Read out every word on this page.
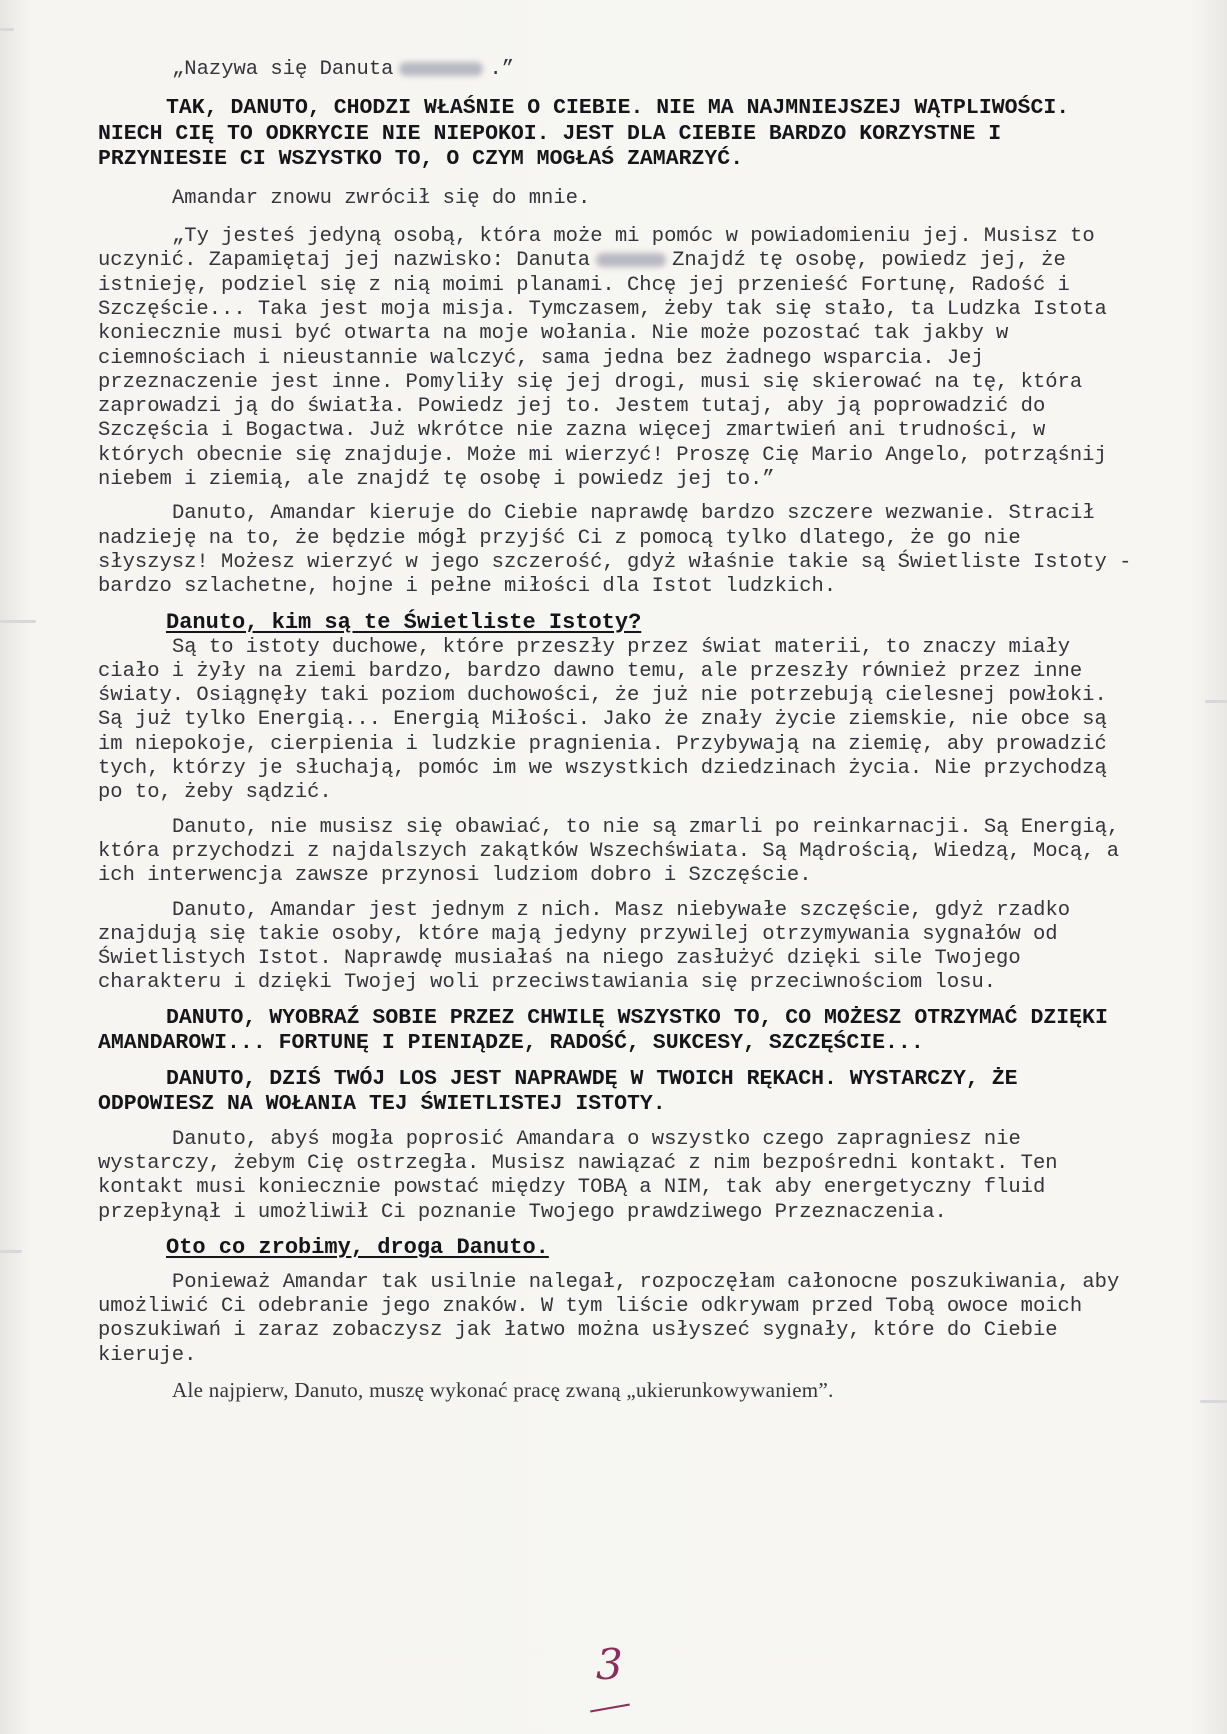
„Nazywa się Danuta	.”

TAK, DANUTO, CHODZI WŁAŚNIE O CIEBIE. NIE MA NAJMNIEJSZEJ WĄTPLIWOŚCI. NIECH CIĘ TO ODKRYCIE NIE NIEPOKOI. JEST DLA CIEBIE BARDZO KORZYSTNE I PRZYNIESIE CI WSZYSTKO TO, O CZYM MOGŁAŚ ZAMARZYĆ.

Amandar znowu zwrócił się do mnie.

„Ty jesteś jedyną osobą, która może mi pomóc w powiadomieniu jej. Musisz to uczynić. Zapamiętaj jej nazwisko: Danuta	Znajdź tę osobę, powiedz jej, że istnieję, podziel się z nią moimi planami. Chcę jej przenieść Fortunę, Radość i Szczęście... Taka jest moja misja. Tymczasem, żeby tak się stało, ta Ludzka Istota koniecznie musi być otwarta na moje wołania. Nie może pozostać tak jakby w ciemnościach i nieustannie walczyć, sama jedna bez żadnego wsparcia. Jej przeznaczenie jest inne. Pomyliły się jej drogi, musi się skierować na tę, która zaprowadzi ją do światła. Powiedz jej to. Jestem tutaj, aby ją poprowadzić do Szczęścia i Bogactwa. Już wkrótce nie zazna więcej zmartwień ani trudności, w których obecnie się znajduje. Może mi wierzyć! Proszę Cię Mario Angelo, potrząśnij niebem i ziemią, ale znajdź tę osobę i powiedz jej to.”

Danuto, Amandar kieruje do Ciebie naprawdę bardzo szczere wezwanie. Stracił nadzieję na to, że będzie mógł przyjść Ci z pomocą tylko dlatego, że go nie słyszysz! Możesz wierzyć w jego szczerość, gdyż właśnie takie są Świetliste Istoty - bardzo szlachetne, hojne i pełne miłości dla Istot ludzkich.

Danuto, kim są te Świetliste Istoty?

Są to istoty duchowe, które przeszły przez świat materii, to znaczy miały ciało i żyły na ziemi bardzo, bardzo dawno temu, ale przeszły również przez inne światy. Osiągnęły taki poziom duchowości, że już nie potrzebują cielesnej powłoki. Są już tylko Energią... Energią Miłości. Jako że znały życie ziemskie, nie obce są im niepokoje, cierpienia i ludzkie pragnienia. Przybywają na ziemię, aby prowadzić tych, którzy je słuchają, pomóc im we wszystkich dziedzinach życia. Nie przychodzą po to, żeby sądzić.

Danuto, nie musisz się obawiać, to nie są zmarli po reinkarnacji. Są Energią, która przychodzi z najdalszych zakątków Wszechświata. Są Mądrością, Wiedzą, Mocą, a ich interwencja zawsze przynosi ludziom dobro i Szczęście.

Danuto, Amandar jest jednym z nich. Masz niebywałe szczęście, gdyż rzadko znajdują się takie osoby, które mają jedyny przywilej otrzymywania sygnałów od Świetlistych Istot. Naprawdę musiałaś na niego zasłużyć dzięki sile Twojego charakteru i dzięki Twojej woli przeciwstawiania się przeciwnościom losu.

DANUTO, WYOBRAŹ SOBIE PRZEZ CHWILĘ WSZYSTKO TO, CO MOŻESZ OTRZYMAĆ DZIĘKI AMANDAROWI... FORTUNĘ I PIENIĄDZE, RADOŚĆ, SUKCESY, SZCZĘŚCIE...

DANUTO, DZIŚ TWÓJ LOS JEST NAPRAWDĘ W TWOICH RĘKACH. WYSTARCZY, ŻE ODPOWIESZ NA WOŁANIA TEJ ŚWIETLISTEJ ISTOTY.

Danuto, abyś mogła poprosić Amandara o wszystko czego zapragniesz nie wystarczy, żebym Cię ostrzegła. Musisz nawiązać z nim bezpośredni kontakt. Ten kontakt musi koniecznie powstać między TOBĄ a NIM, tak aby energetyczny fluid przepłynął i umożliwił Ci poznanie Twojego prawdziwego Przeznaczenia.

Oto co zrobimy, droga Danuto.

Ponieważ Amandar tak usilnie nalegał, rozpoczęłam całonocne poszukiwania, aby umożliwić Ci odebranie jego znaków. W tym liście odkrywam przed Tobą owoce moich poszukiwań i zaraz zobaczysz jak łatwo można usłyszeć sygnały, które do Ciebie kieruje.

Ale najpierw, Danuto, muszę wykonać pracę zwaną „ukierunkowywaniem”.

3
